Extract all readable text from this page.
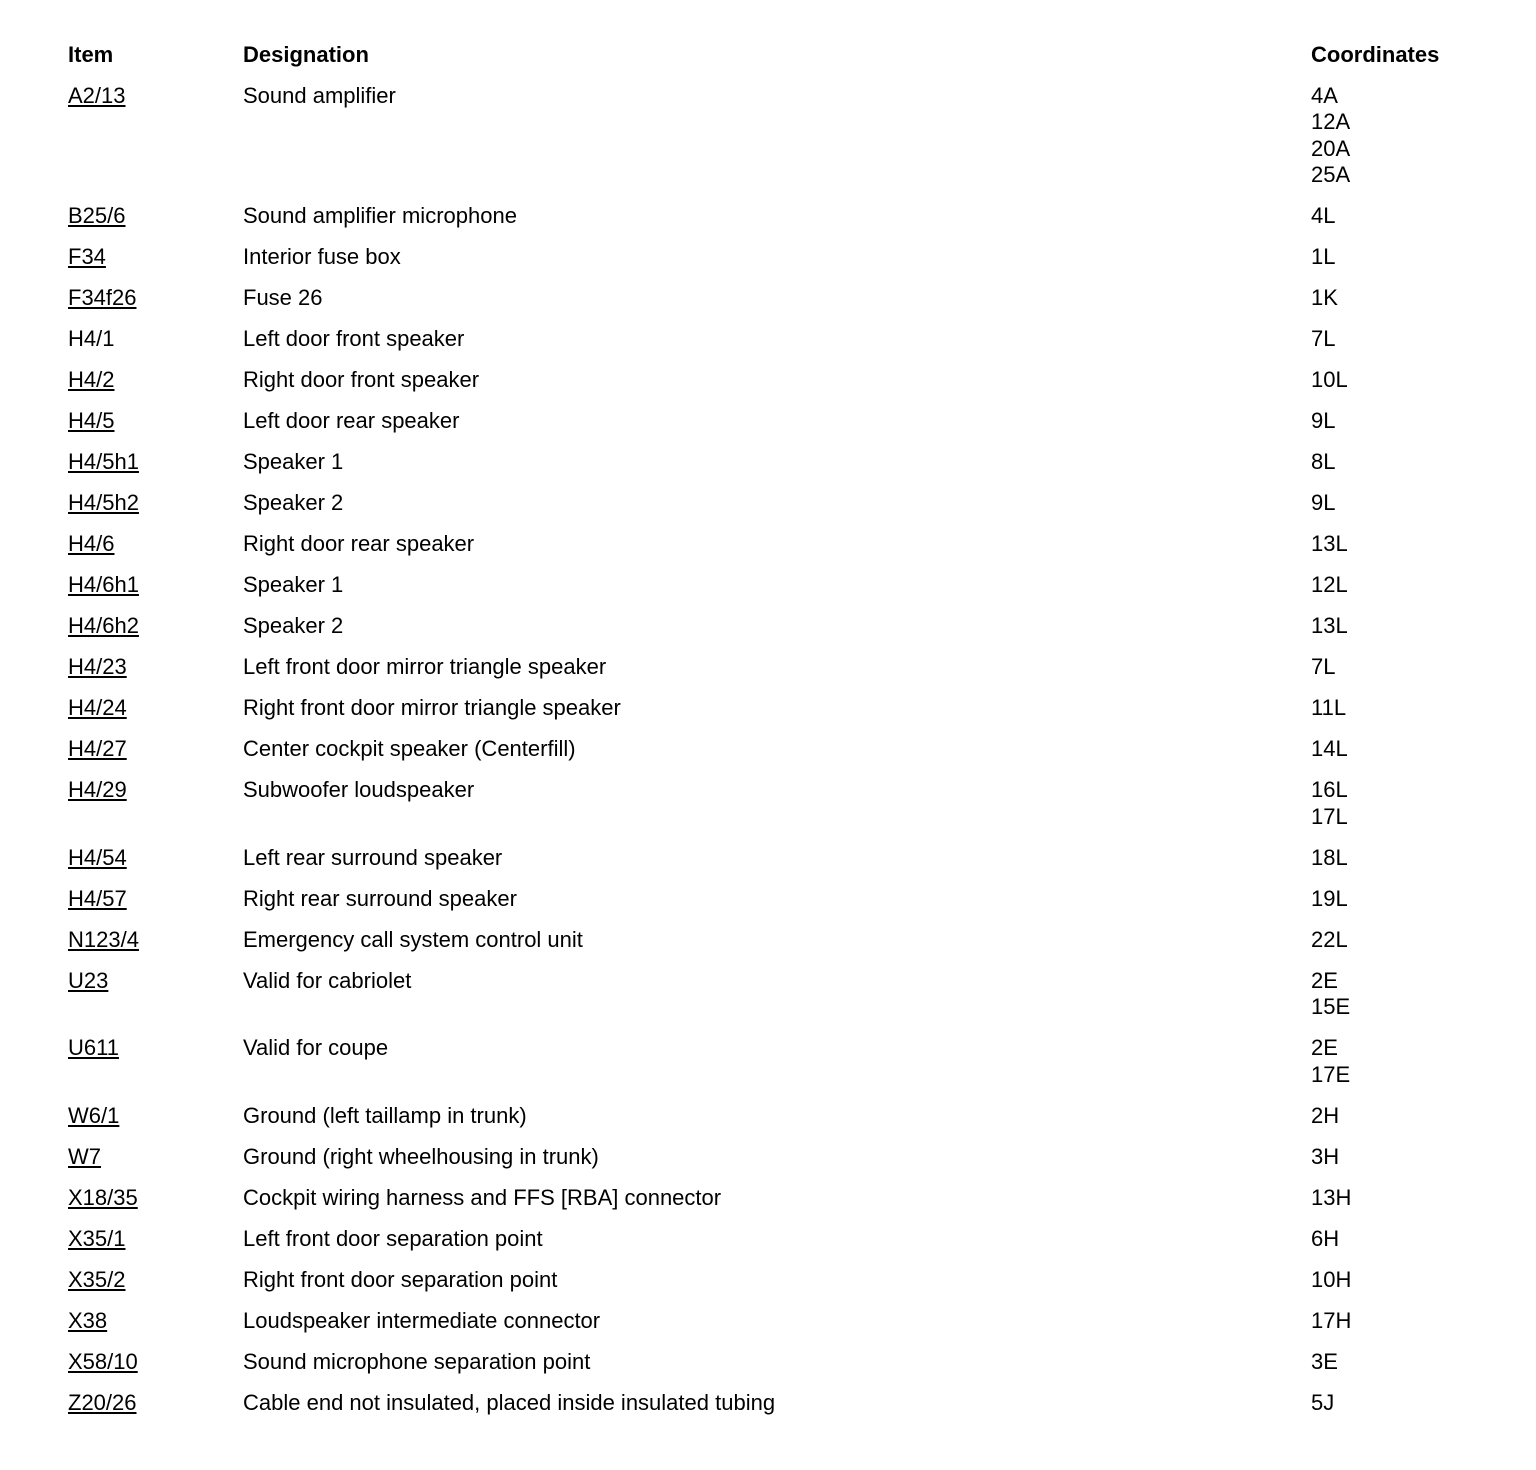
Item	Designation	Coordinates
A2/13	Sound amplifier	4A
12A
20A
25A
B25/6	Sound amplifier microphone	4L
F34	Interior fuse box	1L
F34f26	Fuse 26	1K
H4/1	Left door front speaker	7L
H4/2	Right door front speaker	10L
H4/5	Left door rear speaker	9L
H4/5h1	Speaker 1	8L
H4/5h2	Speaker 2	9L
H4/6	Right door rear speaker	13L
H4/6h1	Speaker 1	12L
H4/6h2	Speaker 2	13L
H4/23	Left front door mirror triangle speaker	7L
H4/24	Right front door mirror triangle speaker	11L
H4/27	Center cockpit speaker (Centerfill)	14L
H4/29	Subwoofer loudspeaker	16L
17L
H4/54	Left rear surround speaker	18L
H4/57	Right rear surround speaker	19L
N123/4	Emergency call system control unit	22L
U23	Valid for cabriolet	2E
15E
U611	Valid for coupe	2E
17E
W6/1	Ground (left taillamp in trunk)	2H
W7	Ground (right wheelhousing in trunk)	3H
X18/35	Cockpit wiring harness and FFS [RBA] connector	13H
X35/1	Left front door separation point	6H
X35/2	Right front door separation point	10H
X38	Loudspeaker intermediate connector	17H
X58/10	Sound microphone separation point	3E
Z20/26	Cable end not insulated, placed inside insulated tubing	5J
